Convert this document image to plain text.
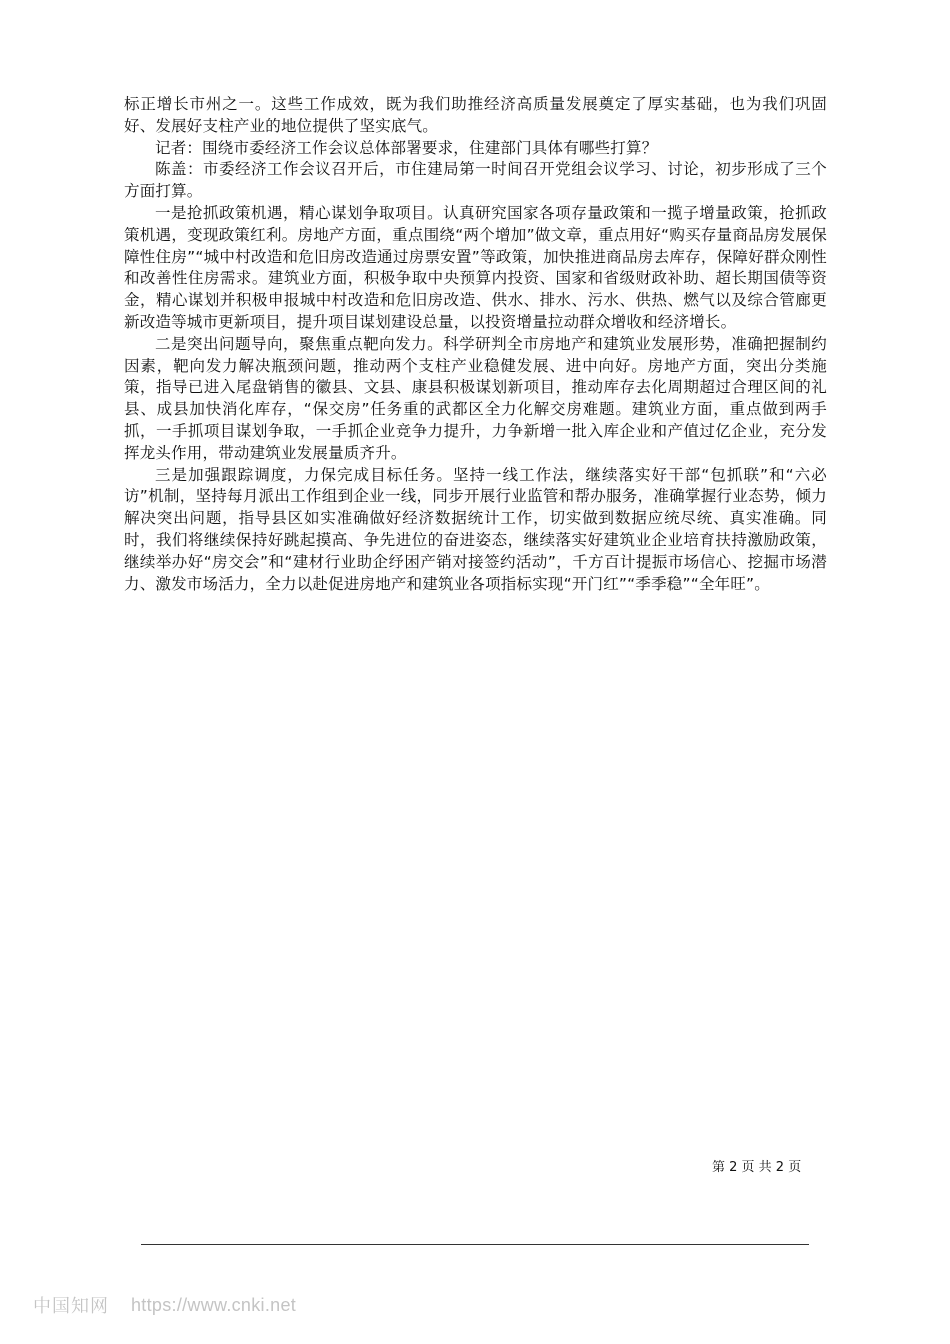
标正增长市州之一。这些工作成效，既为我们助推经济高质量发展奠定了厚实基础，也为我们巩固好、发展好支柱产业的地位提供了坚实底气。

记者：围绕市委经济工作会议总体部署要求，住建部门具体有哪些打算？

陈盖：市委经济工作会议召开后，市住建局第一时间召开党组会议学习、讨论，初步形成了三个方面打算。

一是抢抓政策机遇，精心谋划争取项目。认真研究国家各项存量政策和一揽子增量政策，抢抓政策机遇，变现政策红利。房地产方面，重点围绕“两个增加”做文章，重点用好“购买存量商品房发展保障性住房”“城中村改造和危旧房改造通过房票安置”等政策，加快推进商品房去库存，保障好群众刚性和改善性住房需求。建筑业方面，积极争取中央预算内投资、国家和省级财政补助、超长期国债等资金，精心谋划并积极申报城中村改造和危旧房改造、供水、排水、污水、供热、燃气以及综合管廊更新改造等城市更新项目，提升项目谋划建设总量，以投资增量拉动群众增收和经济增长。

二是突出问题导向，聚焦重点靶向发力。科学研判全市房地产和建筑业发展形势，准确把握制约因素，靶向发力解决瓶颈问题，推动两个支柱产业稳健发展、进中向好。房地产方面，突出分类施策，指导已进入尾盘销售的徽县、文县、康县积极谋划新项目，推动库存去化周期超过合理区间的礼县、成县加快消化库存，“保交房”任务重的武都区全力化解交房难题。建筑业方面，重点做到两手抓，一手抓项目谋划争取，一手抓企业竞争力提升，力争新增一批入库企业和产值过亿企业，充分发挥龙头作用，带动建筑业发展量质齐升。

三是加强跟踪调度，力保完成目标任务。坚持一线工作法，继续落实好干部“包抓联”和“六必访”机制，坚持每月派出工作组到企业一线，同步开展行业监管和帮办服务，准确掌握行业态势，倾力解决突出问题，指导县区如实准确做好经济数据统计工作，切实做到数据应统尽统、真实准确。同时，我们将继续保持好跳起摸高、争先进位的奋进姿态，继续落实好建筑业企业培育扶持激励政策，继续举办好“房交会”和“建材行业助企纾困产销对接签约活动”，千方百计提振市场信心、挖掘市场潜力、激发市场活力，全力以赴促进房地产和建筑业各项指标实现“开门红”“季季稳”“全年旺”。

第 2 页 共 2 页
中国知网 https://www.cnki.net
